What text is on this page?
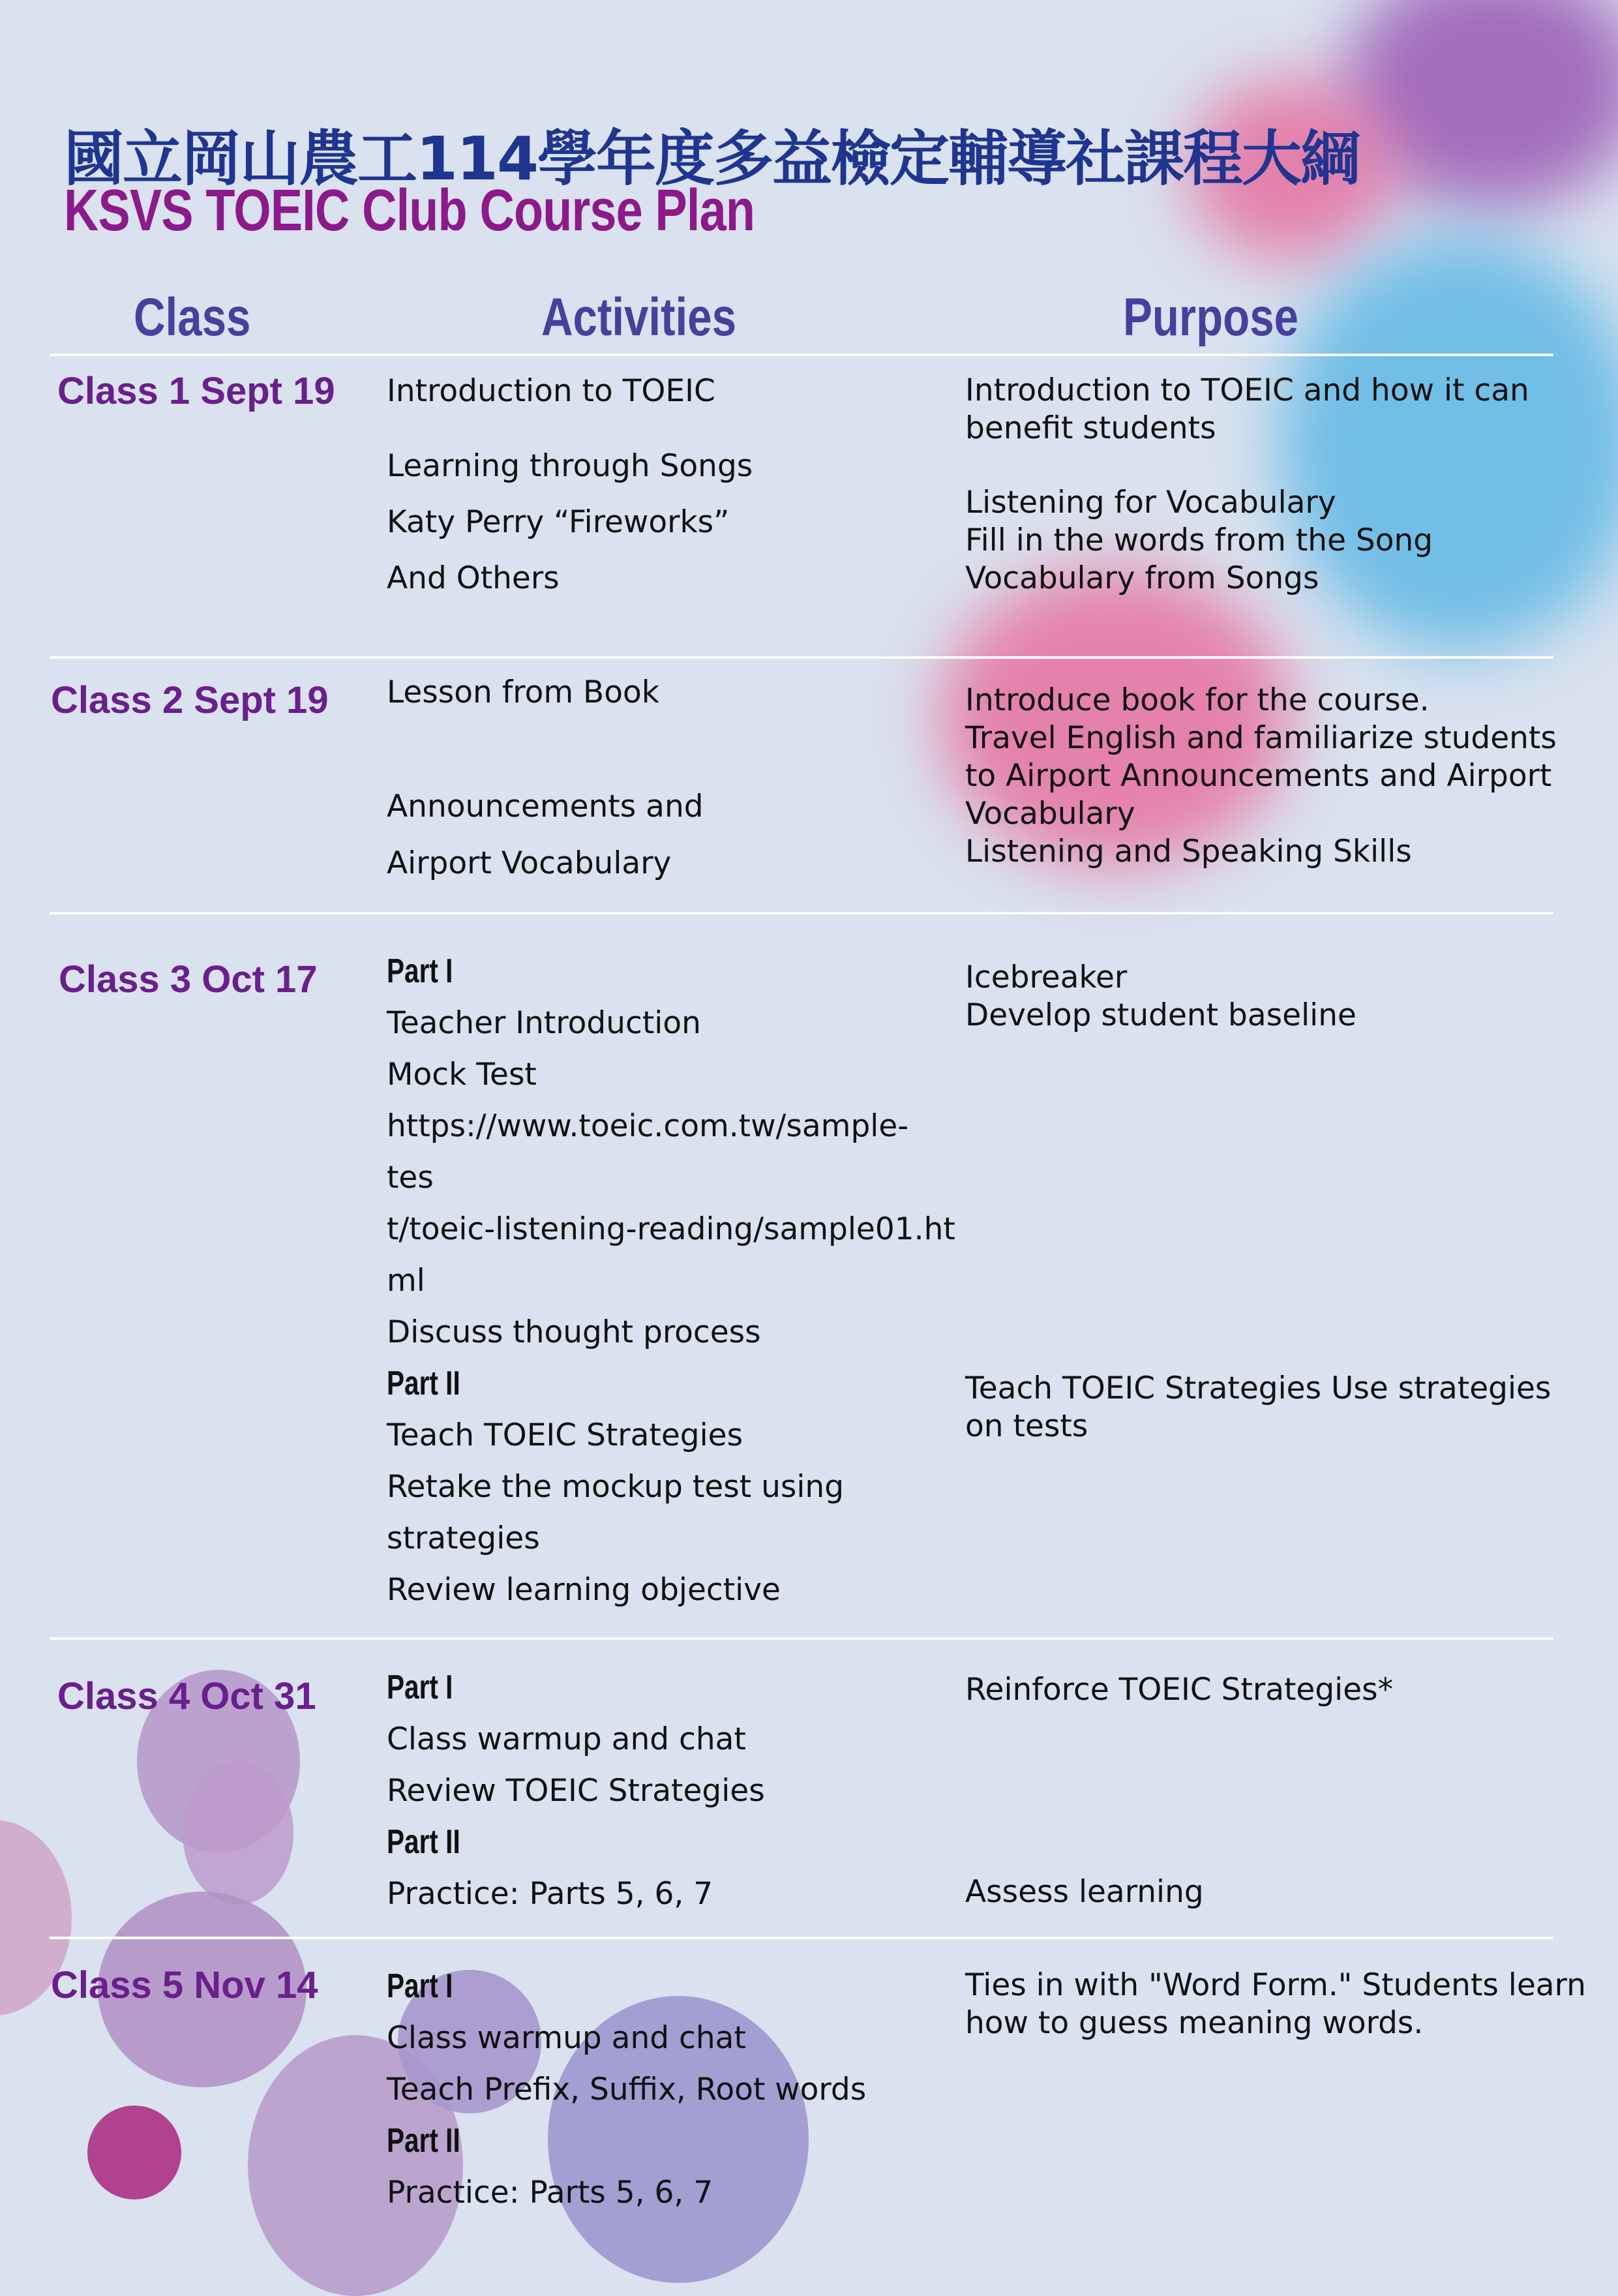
國立岡山農工114學年度多益檢定輔導社課程大綱
KSVS TOEIC Club Course Plan
Class	Activities	Purpose
Class 1 Sept 19 Introduction to TOEIC
Learning through Songs
Katy Perry “Fireworks”
And Others
Introduction to TOEIC and how it can
benefit students
Listening for Vocabulary
Fill in the words from the Song
Vocabulary from Songs
Class 2 Sept 19 Lesson from Book
Announcements and
Airport Vocabulary
Introduce book for the course.
Travel English and familiarize students
to Airport Announcements and Airport
Vocabulary
Listening and Speaking Skills
Class 3 Oct 17 Part I
Teacher Introduction
Mock Test
https://www.toeic.com.tw/sample-
tes
t/toeic-listening-reading/sample01.ht
ml
Discuss thought process
Part II
Teach TOEIC Strategies
Retake the mockup test using
strategies
Review learning objective
Icebreaker
Develop student baseline
Teach TOEIC Strategies Use strategies
on tests
Class 4 Oct 31 Part I
Class warmup and chat
Review TOEIC Strategies
Part II
Practice: Parts 5, 6, 7
Reinforce TOEIC Strategies*
Assess learning
Class 5 Nov 14 Part I
Class warmup and chat
Teach Prefix, Suffix, Root words
Part II
Practice: Parts 5, 6, 7
Ties in with "Word Form." Students learn
how to guess meaning words.
